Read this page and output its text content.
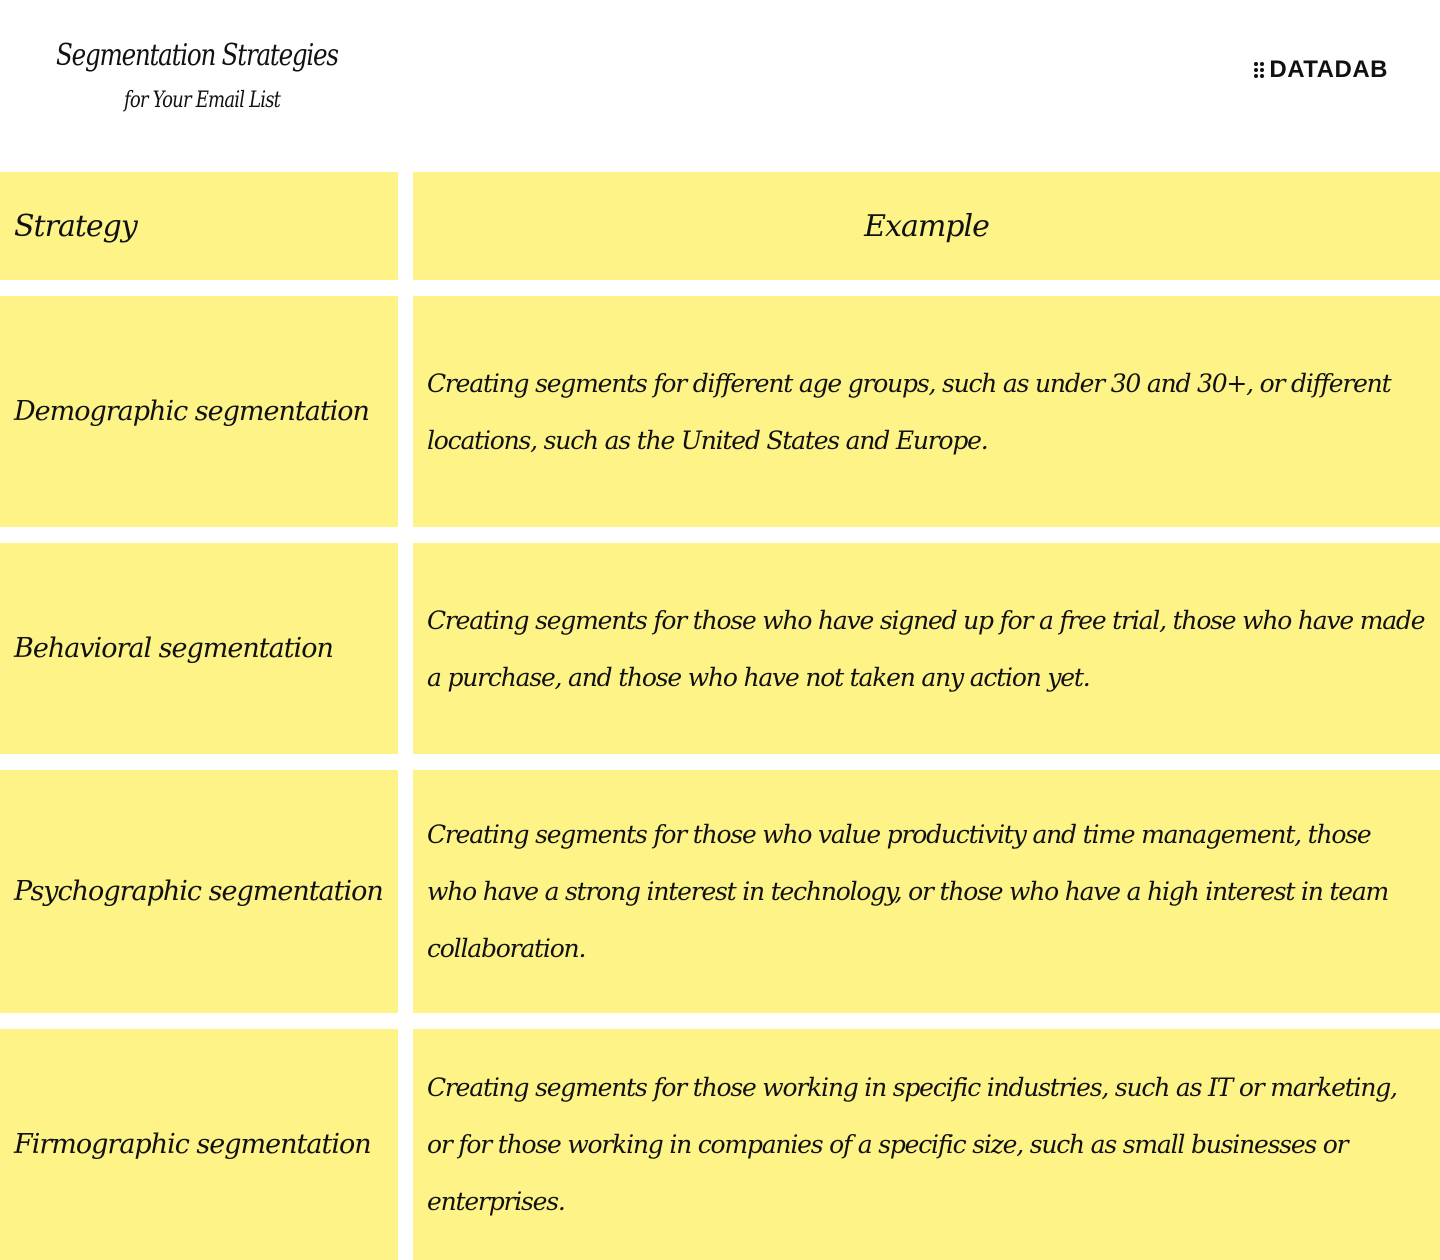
Segmentation Strategies
for Your Email List
DATADAB
Strategy	Example
Demographic segmentation
Creating segments for different age groups, such as under 30 and 30+, or different locations, such as the United States and Europe.
Behavioral segmentation
Creating segments for those who have signed up for a free trial, those who have made a purchase, and those who have not taken any action yet.
Psychographic segmentation
Creating segments for those who value productivity and time management, those who have a strong interest in technology, or those who have a high interest in team collaboration.
Firmographic segmentation
Creating segments for those working in specific industries, such as IT or marketing, or for those working in companies of a specific size, such as small businesses or enterprises.
